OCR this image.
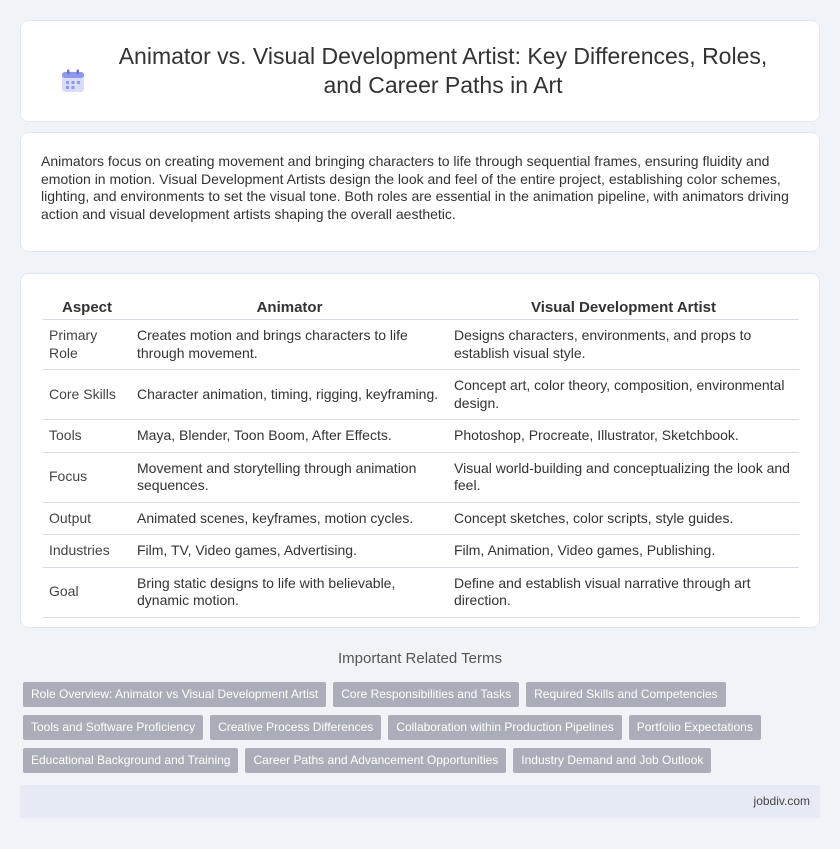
Animator vs. Visual Development Artist: Key Differences, Roles, and Career Paths in Art

Animators focus on creating movement and bringing characters to life through sequential frames, ensuring fluidity and emotion in motion. Visual Development Artists design the look and feel of the entire project, establishing color schemes, lighting, and environments to set the visual tone. Both roles are essential in the animation pipeline, with animators driving action and visual development artists shaping the overall aesthetic.

Aspect	Animator	Visual Development Artist
Primary Role	Creates motion and brings characters to life through movement.	Designs characters, environments, and props to establish visual style.
Core Skills	Character animation, timing, rigging, keyframing.	Concept art, color theory, composition, environmental design.
Tools	Maya, Blender, Toon Boom, After Effects.	Photoshop, Procreate, Illustrator, Sketchbook.
Focus	Movement and storytelling through animation sequences.	Visual world-building and conceptualizing the look and feel.
Output	Animated scenes, keyframes, motion cycles.	Concept sketches, color scripts, style guides.
Industries	Film, TV, Video games, Advertising.	Film, Animation, Video games, Publishing.
Goal	Bring static designs to life with believable, dynamic motion.	Define and establish visual narrative through art direction.
Important Related Terms
Role Overview: Animator vs Visual Development Artist	Core Responsibilities and Tasks	Required Skills and Competencies
Tools and Software Proficiency	Creative Process Differences	Collaboration within Production Pipelines	Portfolio Expectations
Educational Background and Training	Career Paths and Advancement Opportunities	Industry Demand and Job Outlook
jobdiv.com
